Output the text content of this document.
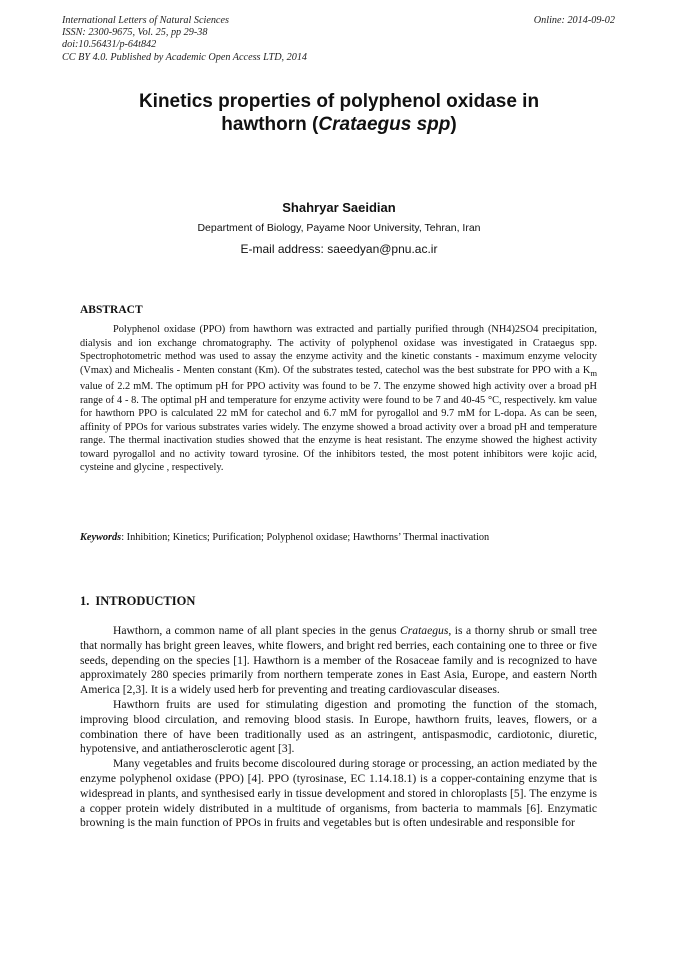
International Letters of Natural Sciences
ISSN: 2300-9675, Vol. 25, pp 29-38
doi:10.56431/p-64t842
CC BY 4.0. Published by Academic Open Access LTD, 2014
Online: 2014-09-02
Kinetics properties of polyphenol oxidase in
hawthorn (Crataegus spp)
Shahryar Saeidian
Department of Biology, Payame Noor University, Tehran, Iran
E-mail address: saeedyan@pnu.ac.ir
ABSTRACT

Polyphenol oxidase (PPO) from hawthorn was extracted and partially purified through (NH4)2SO4 precipitation, dialysis and ion exchange chromatography. The activity of polyphenol oxidase was investigated in Crataegus spp. Spectrophotometric method was used to assay the enzyme activity and the kinetic constants - maximum enzyme velocity (Vmax) and Michealis - Menten constant (Km). Of the substrates tested, catechol was the best substrate for PPO with a $K_m$ value of 2.2 mM. The optimum pH for PPO activity was found to be 7. The enzyme showed high activity over a broad pH range of 4 - 8. The optimal pH and temperature for enzyme activity were found to be 7 and 40-45 °C, respectively. km value for hawthorn PPO is calculated 22 mM for catechol and 6.7 mM for pyrogallol and 9.7 mM for L-dopa. As can be seen, affinity of PPOs for various substrates varies widely. The enzyme showed a broad activity over a broad pH and temperature range. The thermal inactivation studies showed that the enzyme is heat resistant. The enzyme showed the highest activity toward pyrogallol and no activity toward tyrosine. Of the inhibitors tested, the most potent inhibitors were kojic acid, cysteine and glycine , respectively.

Keywords: Inhibition; Kinetics; Purification; Polyphenol oxidase; Hawthorns’ Thermal inactivation
1. INTRODUCTION

Hawthorn, a common name of all plant species in the genus Crataegus, is a thorny shrub or small tree that normally has bright green leaves, white flowers, and bright red berries, each containing one to three or five seeds, depending on the species [1]. Hawthorn is a member of the Rosaceae family and is recognized to have approximately 280 species primarily from northern temperate zones in East Asia, Europe, and eastern North America [2,3]. It is a widely used herb for preventing and treating cardiovascular diseases.

Hawthorn fruits are used for stimulating digestion and promoting the function of the stomach, improving blood circulation, and removing blood stasis. In Europe, hawthorn fruits, leaves, flowers, or a combination there of have been traditionally used as an astringent, antispasmodic, cardiotonic, diuretic, hypotensive, and antiatherosclerotic agent [3].

Many vegetables and fruits become discoloured during storage or processing, an action mediated by the enzyme polyphenol oxidase (PPO) [4]. PPO (tyrosinase, EC 1.14.18.1) is a copper-containing enzyme that is widespread in plants, and synthesised early in tissue development and stored in chloroplasts [5]. The enzyme is a copper protein widely distributed in a multitude of organisms, from bacteria to mammals [6]. Enzymatic browning is the main function of PPOs in fruits and vegetables but is often undesirable and responsible for
